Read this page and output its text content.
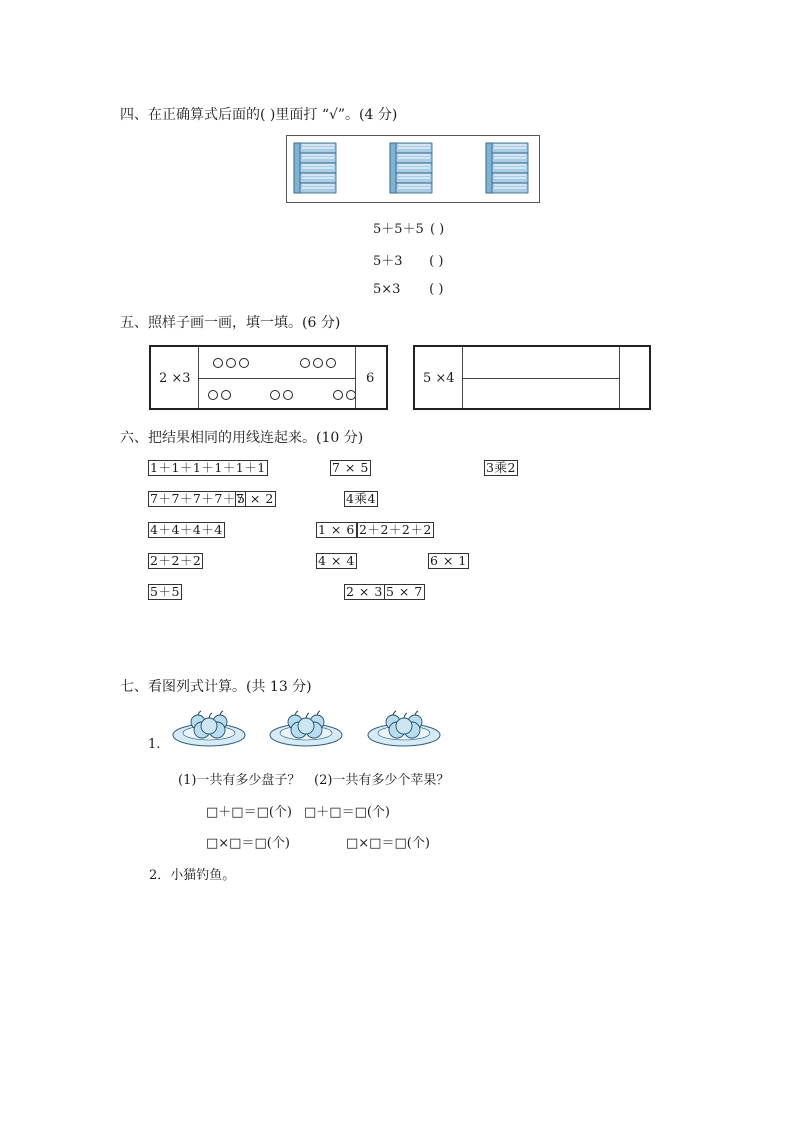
四、在正确算式后面的( )里面打 “√”。(4 分)
5＋5＋5 ( )
5＋3 ( )
5×3 ( )
五、照样子画一画，填一填。(6 分)
2 ×3

	6	5 ×4
六、把结果相同的用线连起来。(10 分)
1＋1＋1＋1＋1＋1	7 × 5	3乘2
7＋7＋7＋7＋7
5 × 2	4乘4
4＋4＋4＋4	1 × 6 2＋2＋2＋2
2＋2＋2	4 × 4	6 × 1
5＋5	2 × 3 5 × 7
七、看图列式计算。(共 13 分)
1.
(1)一共有多少盘子？ (2)一共有多少个苹果？
□＋□＝□(个) □＋□＝□(个)
□×□＝□(个)	□×□＝□(个)
2．小猫钓鱼。
